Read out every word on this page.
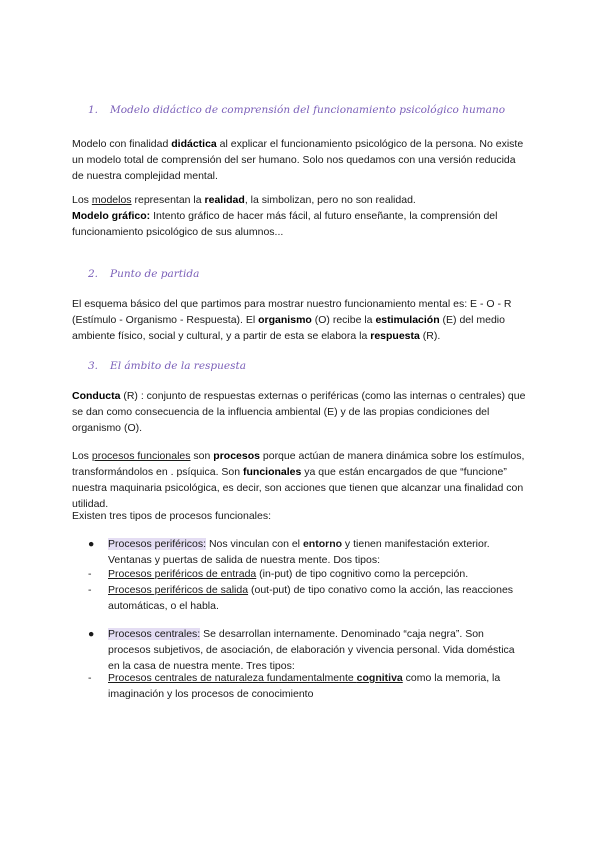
1. Modelo didáctico de comprensión del funcionamiento psicológico humano
Modelo con finalidad didáctica al explicar el funcionamiento psicológico de la persona. No existe un modelo total de comprensión del ser humano. Solo nos quedamos con una versión reducida de nuestra complejidad mental.
Los modelos representan la realidad, la simbolizan, pero no son realidad.
Modelo gráfico: Intento gráfico de hacer más fácil, al futuro enseñante, la comprensión del funcionamiento psicológico de sus alumnos...
2. Punto de partida
El esquema básico del que partimos para mostrar nuestro funcionamiento mental es: E - O - R (Estímulo - Organismo - Respuesta). El organismo (O) recibe la estimulación (E) del medio ambiente físico, social y cultural, y a partir de esta se elabora la respuesta (R).
3. El ámbito de la respuesta
Conducta (R) : conjunto de respuestas externas o periféricas (como las internas o centrales) que se dan como consecuencia de la influencia ambiental (E) y de las propias condiciones del organismo (O).
Los procesos funcionales son procesos porque actúan de manera dinámica sobre los estímulos, transformándolos en . psíquica. Son funcionales ya que están encargados de que “funcione” nuestra maquinaria psicológica, es decir, son acciones que tienen que alcanzar una finalidad con utilidad.
Existen tres tipos de procesos funcionales:
● Procesos periféricos: Nos vinculan con el entorno y tienen manifestación exterior. Ventanas y puertas de salida de nuestra mente. Dos tipos:
- Procesos periféricos de entrada (in-put) de tipo cognitivo como la percepción.
- Procesos periféricos de salida (out-put) de tipo conativo como la acción, las reacciones automáticas, o el habla.
● Procesos centrales: Se desarrollan internamente. Denominado “caja negra”. Son procesos subjetivos, de asociación, de elaboración y vivencia personal. Vida doméstica en la casa de nuestra mente. Tres tipos:
- Procesos centrales de naturaleza fundamentalmente cognitiva como la memoria, la imaginación y los procesos de conocimiento
